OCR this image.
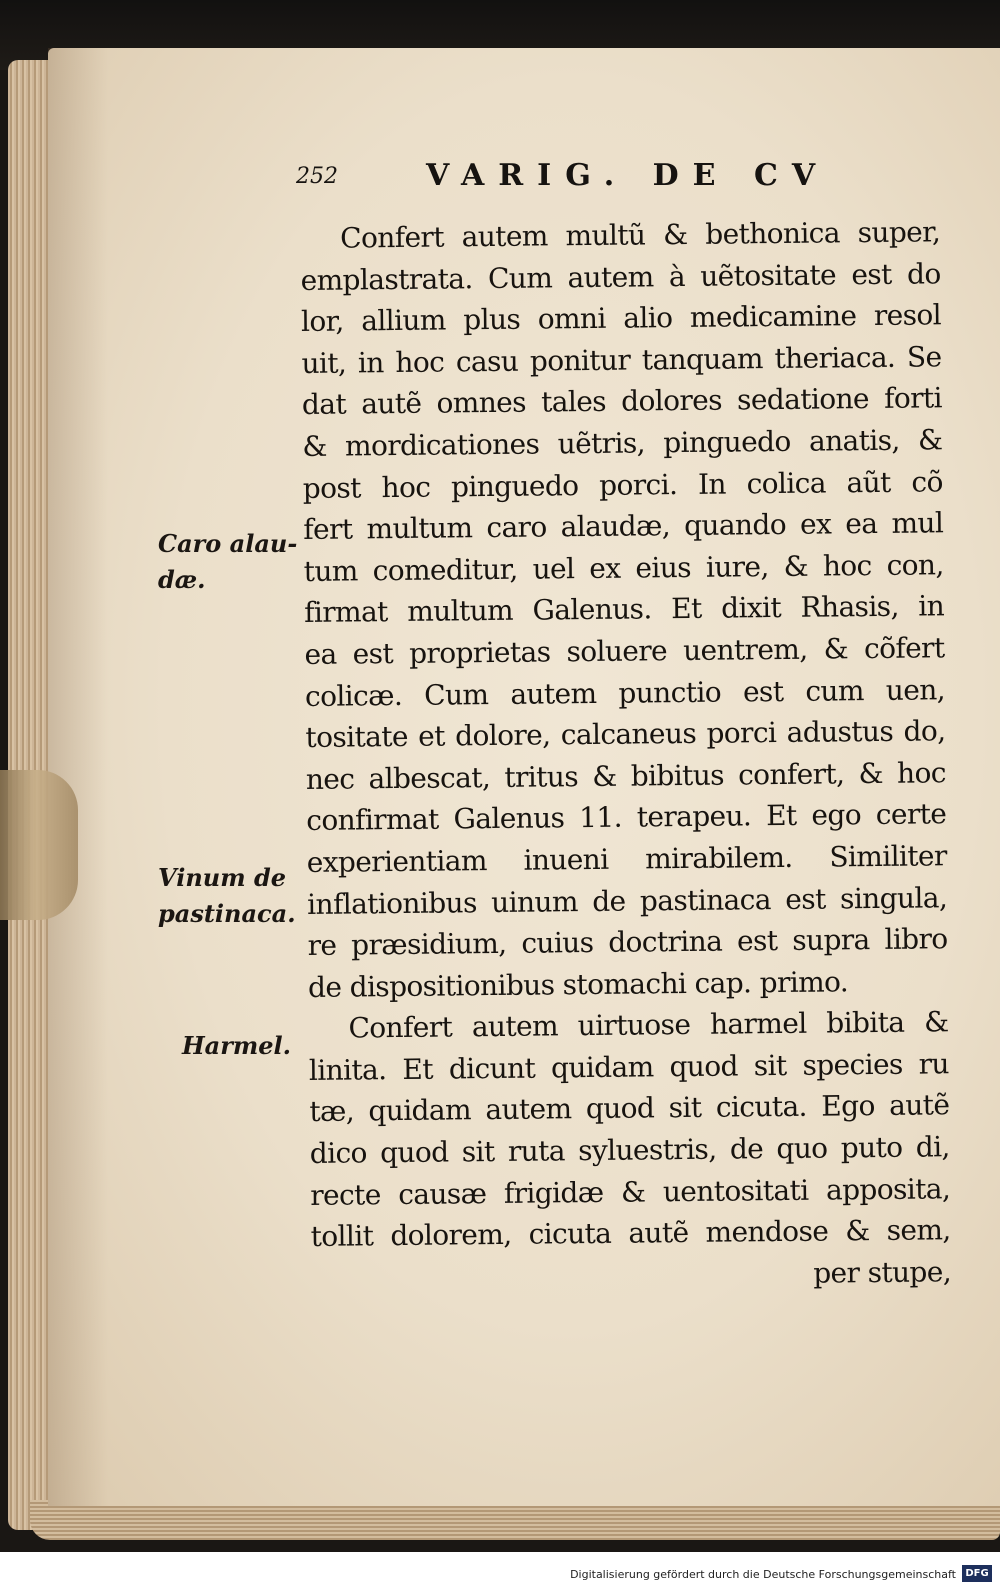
252	VARIG. DE CV
Confert autem multũ & bethonica super,
emplastrata. Cum autem à uẽtositate est do
lor, allium plus omni alio medicamine resol
uit, in hoc casu ponitur tanquam theriaca. Se
dat autẽ omnes tales dolores sedatione forti
& mordicationes uẽtris, pinguedo anatis, &
post hoc pinguedo porci. In colica aũt cõ
fert multum caro alaudæ, quando ex ea mul
tum comeditur, uel ex eius iure, & hoc con,
firmat multum Galenus. Et dixit Rhasis, in
ea est proprietas soluere uentrem, & cõfert
colicæ. Cum autem punctio est cum uen,
tositate et dolore, calcaneus porci adustus do,
nec albescat, tritus & bibitus confert, & hoc
confirmat Galenus 11. terapeu. Et ego certe
experientiam inueni mirabilem. Similiter
inflationibus uinum de pastinaca est singula,
re præsidium, cuius doctrina est supra libro
de dispositionibus stomachi cap. primo.
Confert autem uirtuose harmel bibita &
linita. Et dicunt quidam quod sit species ru
tæ, quidam autem quod sit cicuta. Ego autẽ
dico quod sit ruta syluestris, de quo puto di,
recte causæ frigidæ & uentositati apposita,
tollit dolorem, cicuta autẽ mendose & sem,
per stupe,
Caro alau-
dæ.
Vinum de
pastinaca.
Harmel.
Digitalisierung gefördert durch die Deutsche Forschungsgemeinschaft DFG
